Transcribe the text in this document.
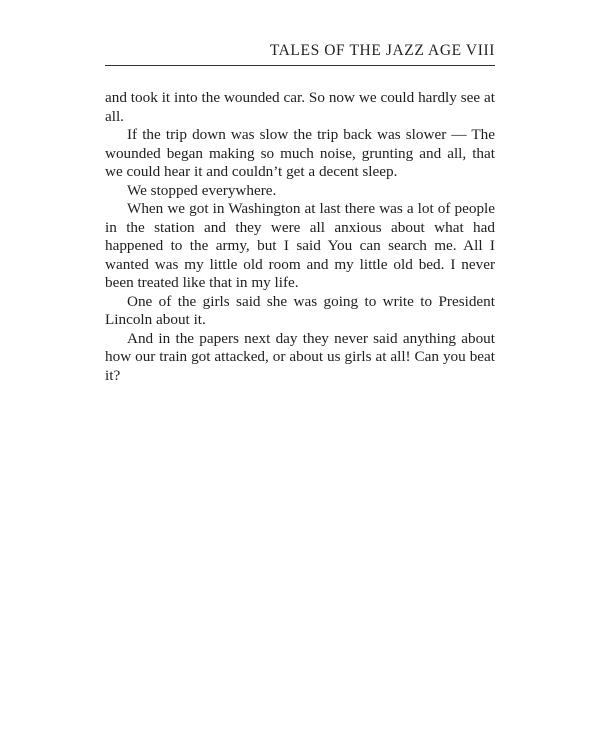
TALES OF THE JAZZ AGE VIII

and took it into the wounded car. So now we could hardly see at all.

If the trip down was slow the trip back was slower — The wounded began making so much noise, grunting and all, that we could hear it and couldn’t get a decent sleep.

We stopped everywhere.

When we got in Washington at last there was a lot of people in the station and they were all anxious about what had happened to the army, but I said You can search me. All I wanted was my little old room and my little old bed. I never been treated like that in my life.

One of the girls said she was going to write to President Lincoln about it.

And in the papers next day they never said anything about how our train got attacked, or about us girls at all! Can you beat it?
